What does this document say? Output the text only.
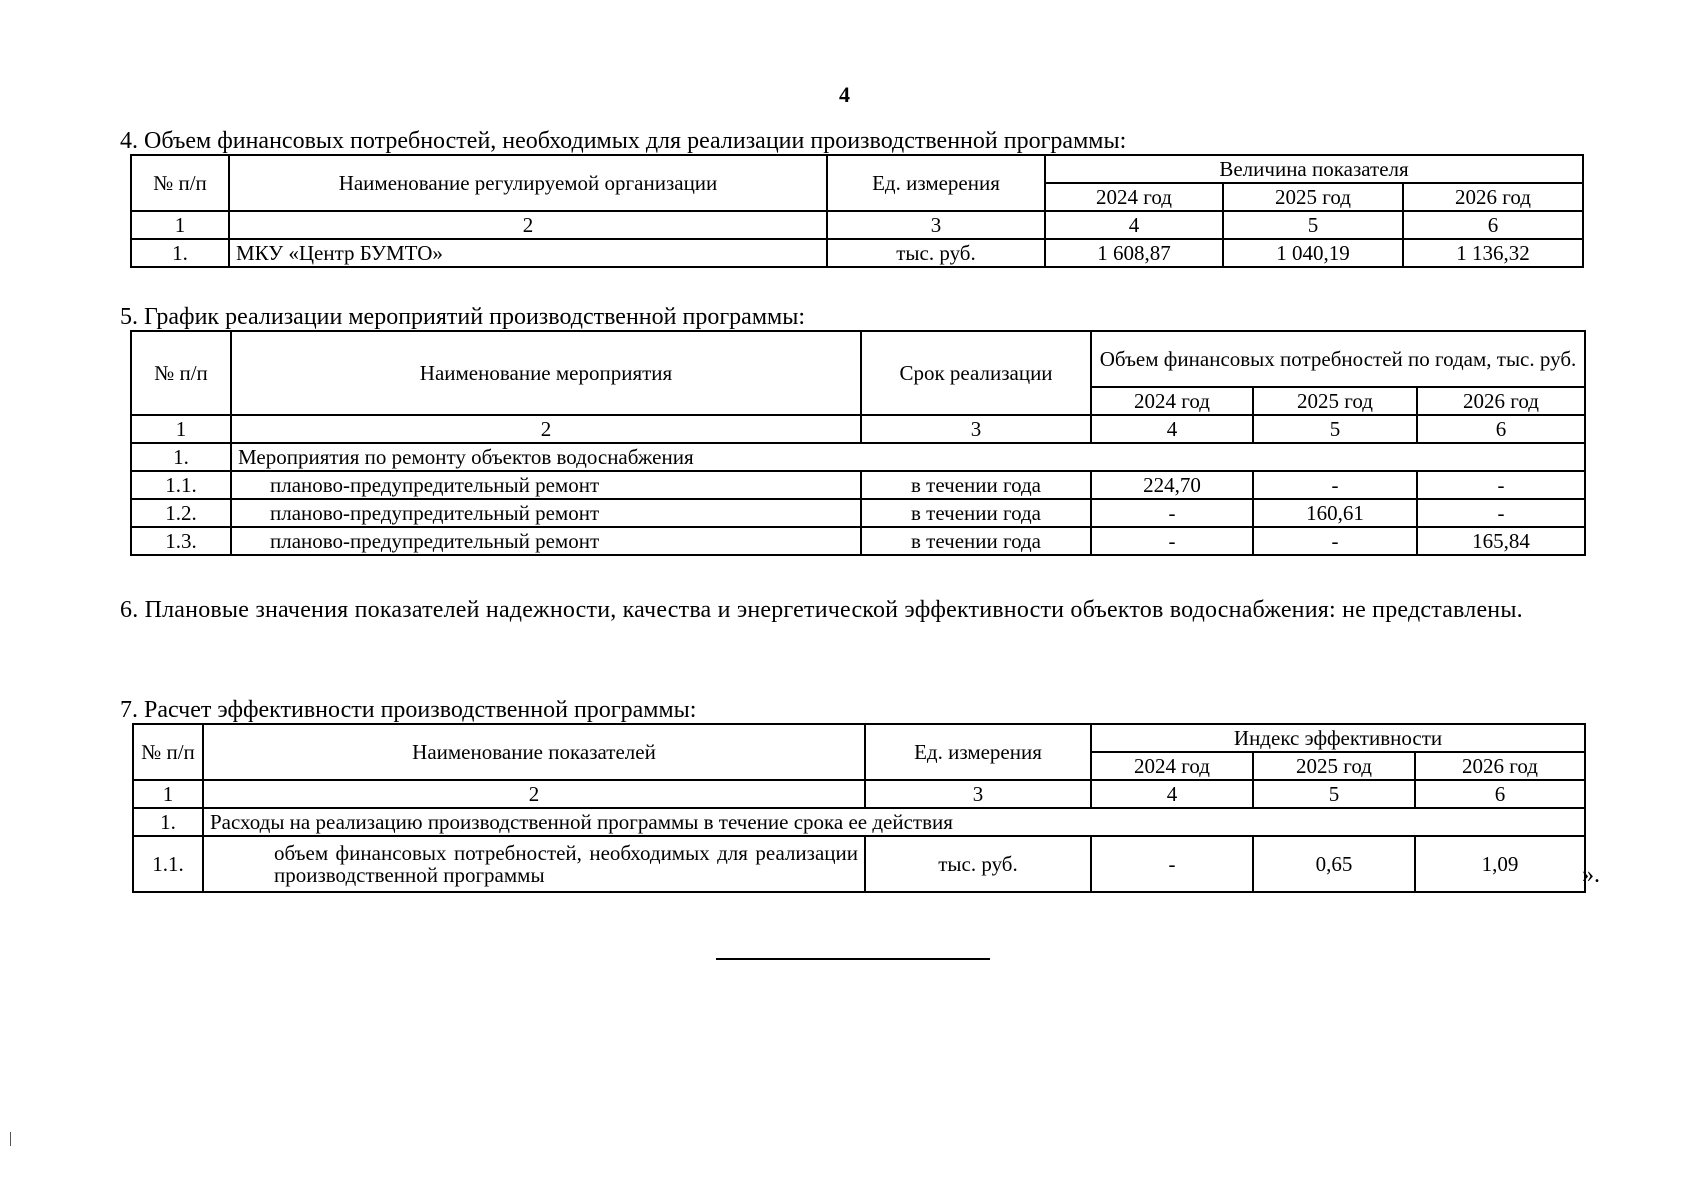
4
4. Объем финансовых потребностей, необходимых для реализации производственной программы:
№ п/п	Наименование регулируемой организации	Ед. измерения	Величина показателя		
			2024 год	2025 год	2026 год
1	2	3	4	5	6
1.	МКУ «Центр БУМТО»	тыс. руб.	1 608,87	1 040,19	1 136,32
5. График реализации мероприятий производственной программы:
№ п/п	Наименование мероприятия	Срок реализации	Объем финансовых потребностей по годам, тыс. руб.		
			2024 год	2025 год	2026 год
1	2	3	4	5	6
1.	Мероприятия по ремонту объектов водоснабжения				
1.1.	планово-предупредительный ремонт	в течении года	224,70	-	-
1.2.	планово-предупредительный ремонт	в течении года	-	160,61	-
1.3.	планово-предупредительный ремонт	в течении года	-	-	165,84
6. Плановые значения показателей надежности, качества и энергетической эффективности объектов водоснабжения: не представлены.
7. Расчет эффективности производственной программы:
№ п/п	Наименование показателей	Ед. измерения	Индекс эффективности		
			2024 год	2025 год	2026 год
1	2	3	4	5	6
1.	Расходы на реализацию производственной программы в течение срока ее действия				
1.1.	объем финансовых потребностей, необходимых для реализации производственной программы	тыс. руб.	-	0,65	1,09	».
